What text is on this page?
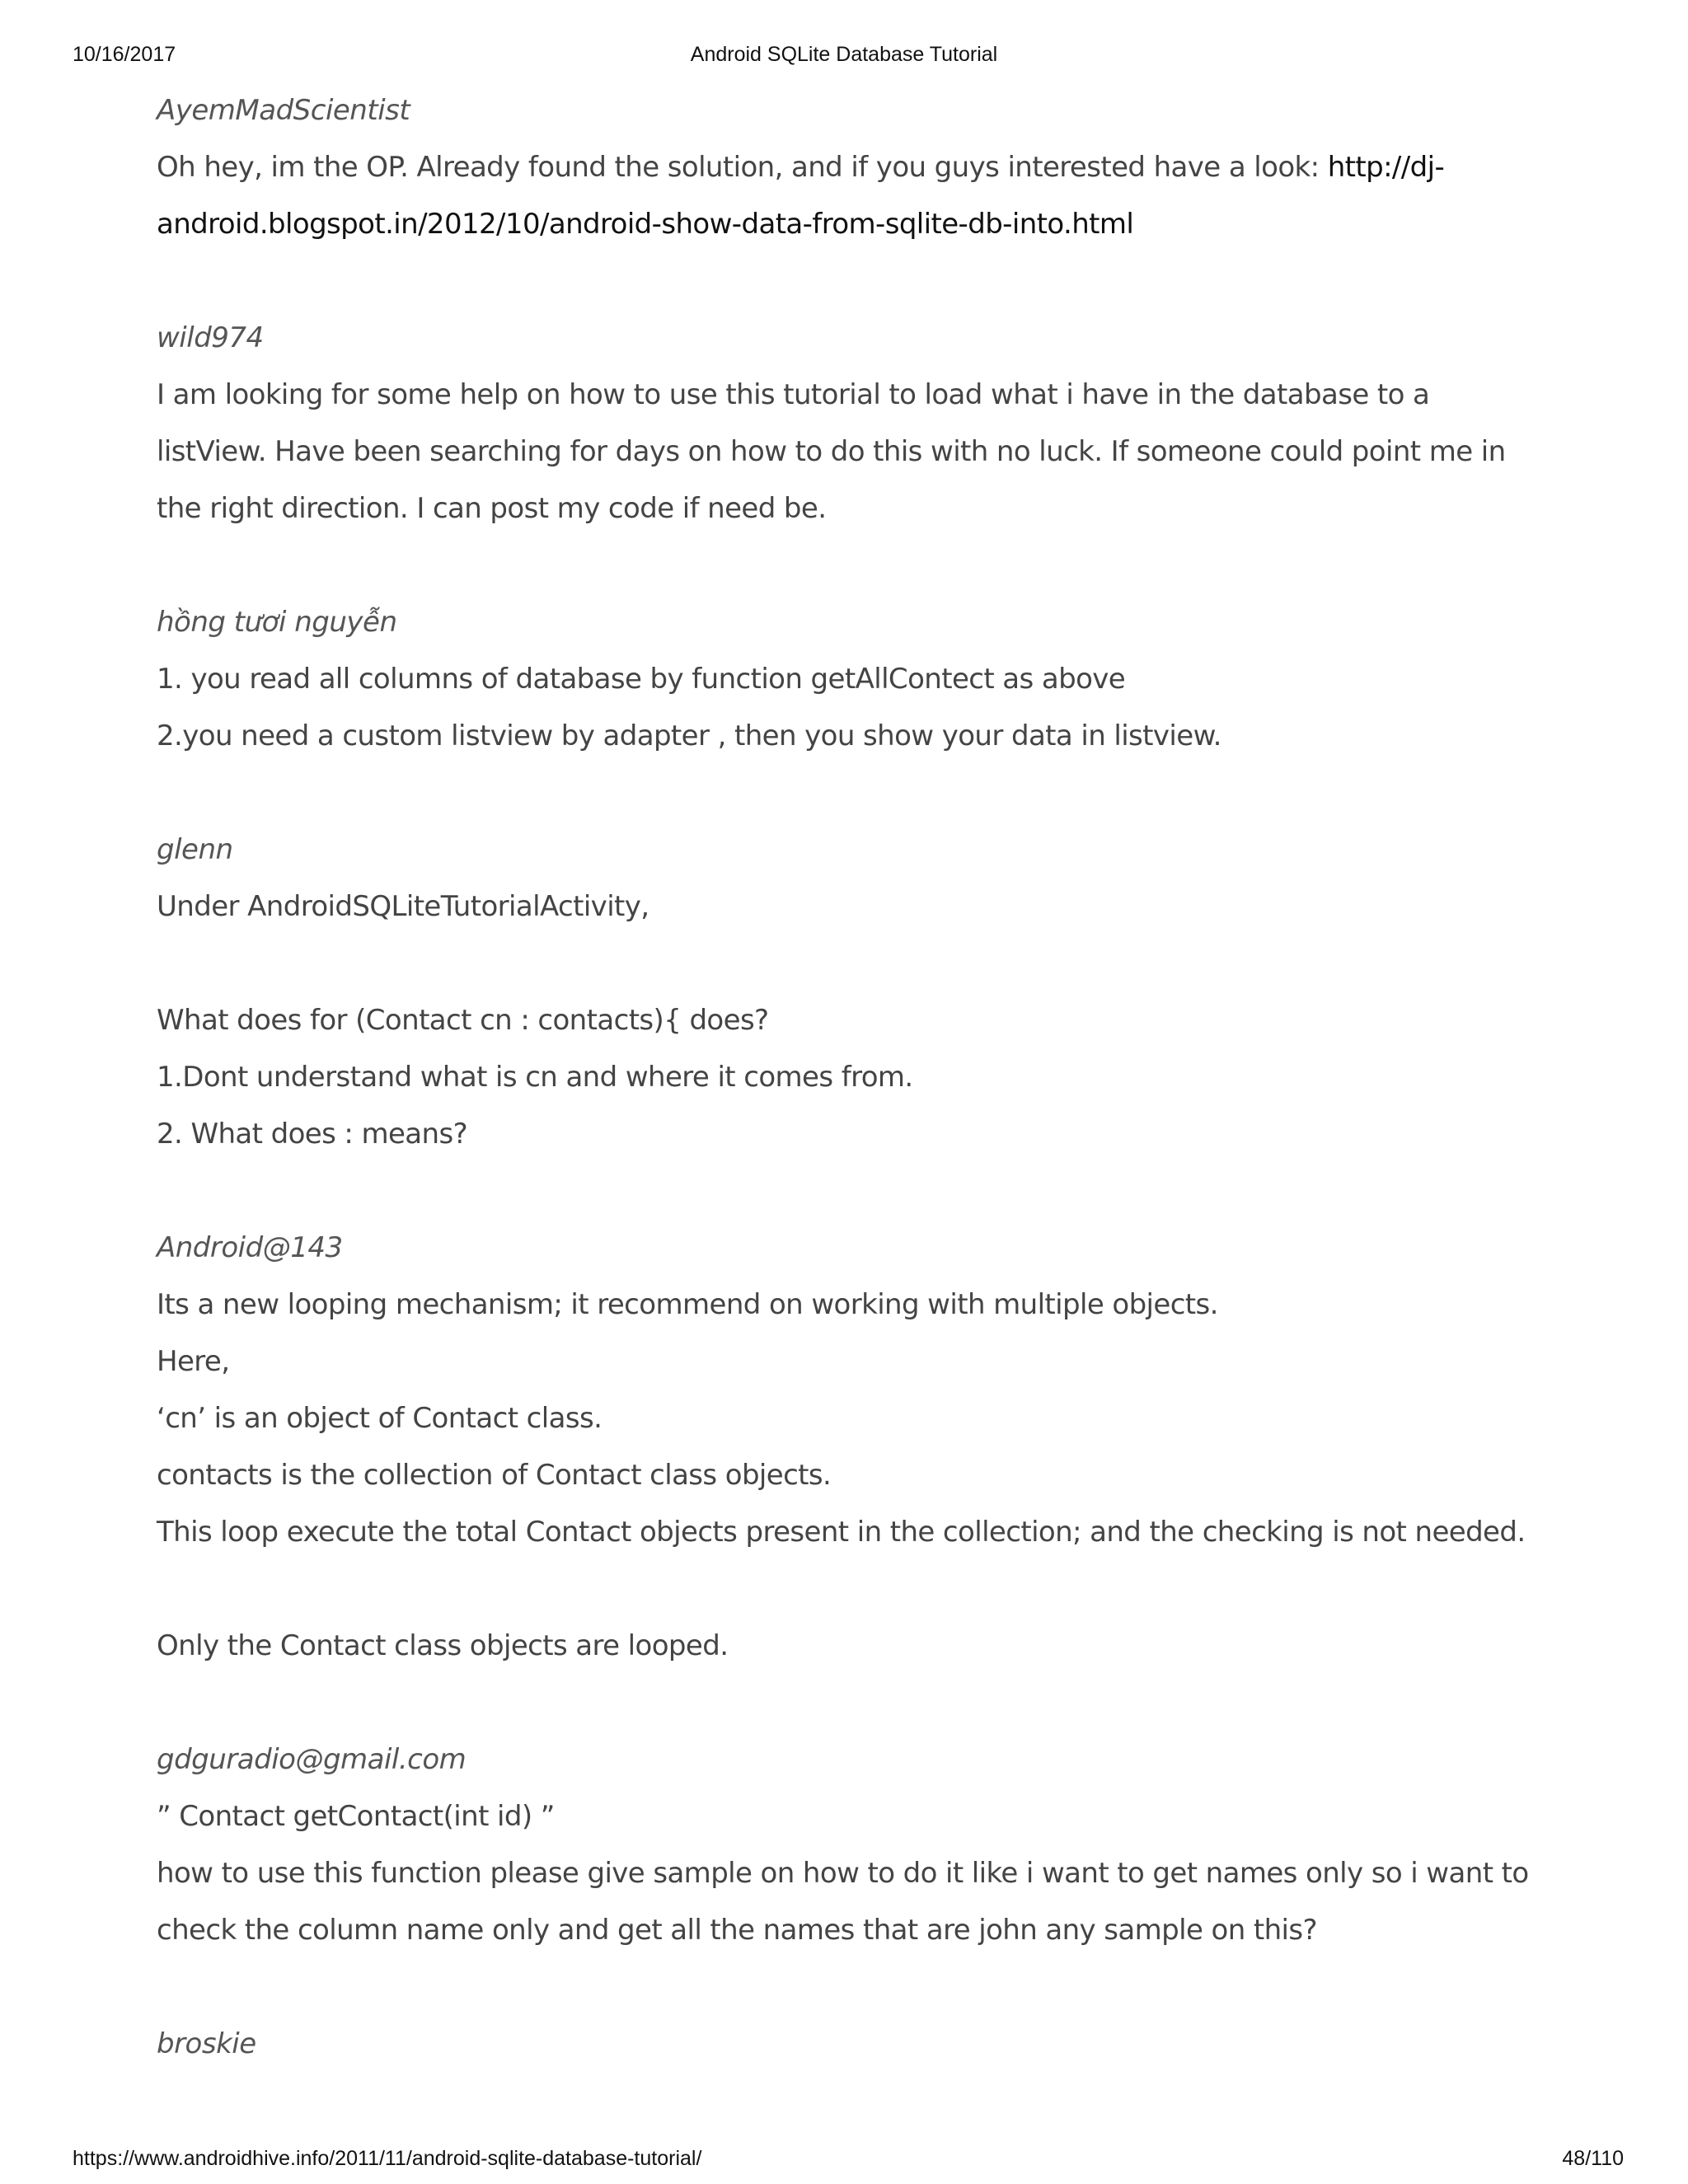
10/16/2017	Android SQLite Database Tutorial
AyemMadScientist
Oh hey, im the OP. Already found the solution, and if you guys interested have a look: http://dj-
android.blogspot.in/2012/10/android-show-data-from-sqlite-db-into.html
wild974
I am looking for some help on how to use this tutorial to load what i have in the database to a
listView. Have been searching for days on how to do this with no luck. If someone could point me in
the right direction. I can post my code if need be.
hồng tươi nguyễn
1. you read all columns of database by function getAllContect as above
2.you need a custom listview by adapter , then you show your data in listview.
glenn
Under AndroidSQLiteTutorialActivity,
What does for (Contact cn : contacts){ does?
1.Dont understand what is cn and where it comes from.
2. What does : means?
Android@143
Its a new looping mechanism; it recommend on working with multiple objects.
Here,
‘cn’ is an object of Contact class.
contacts is the collection of Contact class objects.
This loop execute the total Contact objects present in the collection; and the checking is not needed.
Only the Contact class objects are looped.
gdguradio@gmail.com
” Contact getContact(int id) ”
how to use this function please give sample on how to do it like i want to get names only so i want to
check the column name only and get all the names that are john any sample on this?
broskie
https://www.androidhive.info/2011/11/android-sqlite-database-tutorial/	48/110
